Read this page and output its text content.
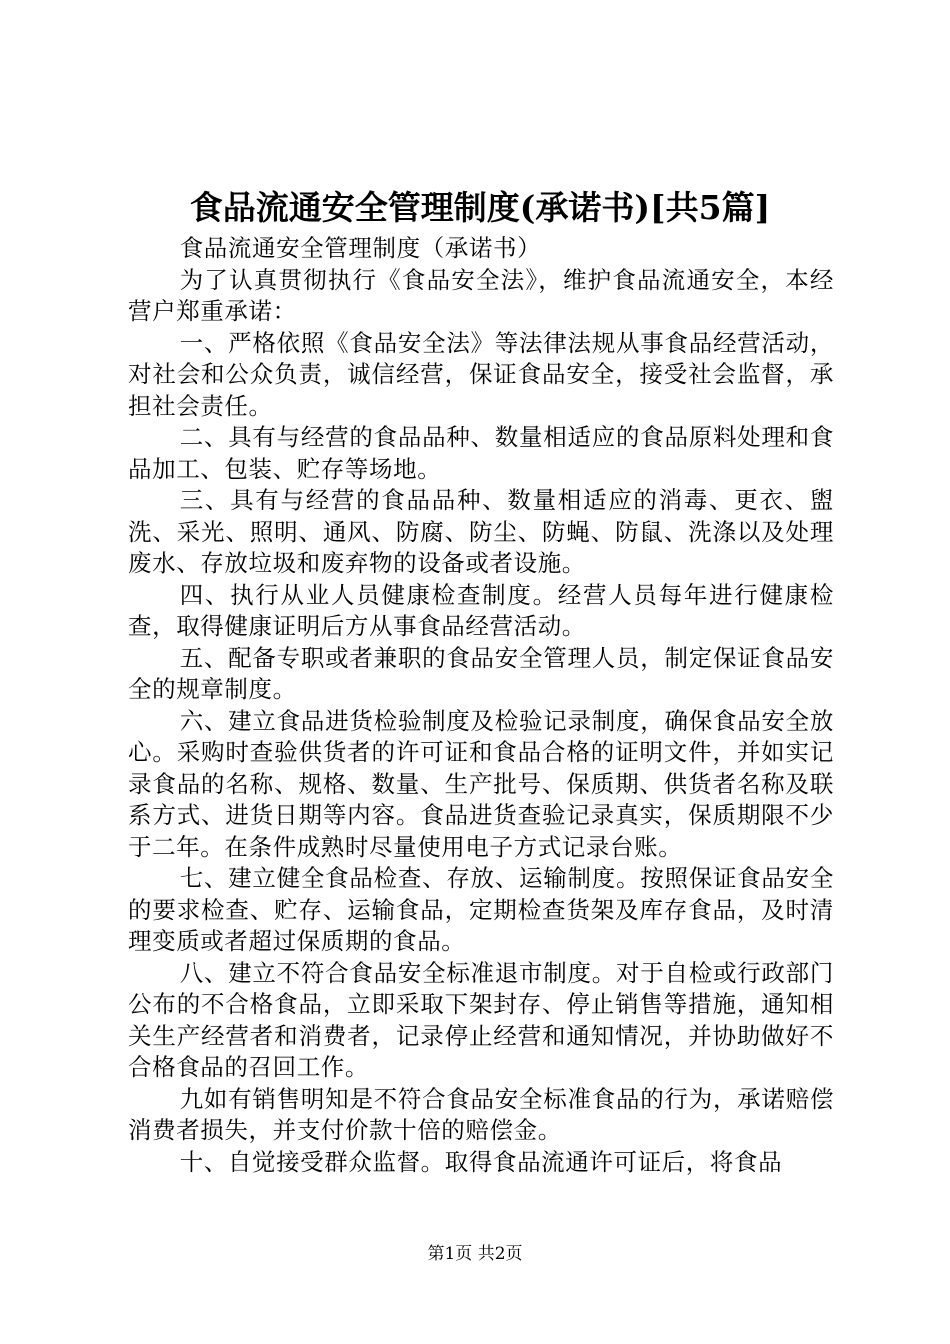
食品流通安全管理制度(承诺书)[共5篇]

食品流通安全管理制度（承诺书）

为了认真贯彻执行《食品安全法》，维护食品流通安全，本经营户郑重承诺：

一、严格依照《食品安全法》等法律法规从事食品经营活动，对社会和公众负责，诚信经营，保证食品安全，接受社会监督，承担社会责任。

二、具有与经营的食品品种、数量相适应的食品原料处理和食品加工、包装、贮存等场地。

三、具有与经营的食品品种、数量相适应的消毒、更衣、盥洗、采光、照明、通风、防腐、防尘、防蝇、防鼠、洗涤以及处理废水、存放垃圾和废弃物的设备或者设施。

四、执行从业人员健康检查制度。经营人员每年进行健康检查，取得健康证明后方从事食品经营活动。

五、配备专职或者兼职的食品安全管理人员，制定保证食品安全的规章制度。

六、建立食品进货检验制度及检验记录制度，确保食品安全放心。采购时查验供货者的许可证和食品合格的证明文件，并如实记录食品的名称、规格、数量、生产批号、保质期、供货者名称及联系方式、进货日期等内容。食品进货查验记录真实，保质期限不少于二年。在条件成熟时尽量使用电子方式记录台账。

七、建立健全食品检查、存放、运输制度。按照保证食品安全的要求检查、贮存、运输食品，定期检查货架及库存食品，及时清理变质或者超过保质期的食品。

八、建立不符合食品安全标准退市制度。对于自检或行政部门公布的不合格食品，立即采取下架封存、停止销售等措施，通知相关生产经营者和消费者，记录停止经营和通知情况，并协助做好不合格食品的召回工作。

九如有销售明知是不符合食品安全标准食品的行为，承诺赔偿消费者损失，并支付价款十倍的赔偿金。

十、自觉接受群众监督。取得食品流通许可证后，将食品

第1页 共2页
